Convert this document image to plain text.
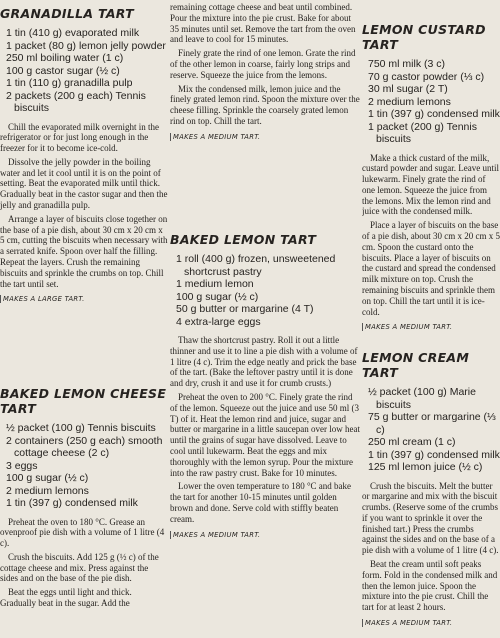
GRANADILLA TART
1 tin (410 g) evaporated milk
1 packet (80 g) lemon jelly powder
250 ml boiling water (1 c)
100 g castor sugar (½ c)
1 tin (110 g) granadilla pulp
2 packets (200 g each) Tennis biscuits

Chill the evaporated milk overnight in the refrigerator or for just long enough in the freezer for it to become ice-cold.

Dissolve the jelly powder in the boiling water and let it cool until it is on the point of setting. Beat the evaporated milk until thick. Gradually beat in the castor sugar and then the jelly and granadilla pulp.

Arrange a layer of biscuits close together on the base of a pie dish, about 30 cm x 20 cm x 5 cm, cutting the biscuits when necessary with a serrated knife. Spoon over half the filling. Repeat the layers. Crush the remaining biscuits and sprinkle the crumbs on top. Chill the tart until set.

MAKES A LARGE TART.
BAKED LEMON CHEESE TART
½ packet (100 g) Tennis biscuits
2 containers (250 g each) smooth cottage cheese (2 c)
3 eggs
100 g sugar (½ c)
2 medium lemons
1 tin (397 g) condensed milk

Preheat the oven to 180 °C. Grease an ovenproof pie dish with a volume of 1 litre (4 c).

Crush the biscuits. Add 125 g (½ c) of the cottage cheese and mix. Press against the sides and on the base of the pie dish.

Beat the eggs until light and thick. Gradually beat in the sugar. Add the

remaining cottage cheese and beat until combined. Pour the mixture into the pie crust. Bake for about 35 minutes until set. Remove the tart from the oven and leave to cool for 15 minutes.

Finely grate the rind of one lemon. Grate the rind of the other lemon in coarse, fairly long strips and reserve. Squeeze the juice from the lemons.

Mix the condensed milk, lemon juice and the finely grated lemon rind. Spoon the mixture over the cheese filling. Sprinkle the coarsely grated lemon rind on top. Chill the tart.

MAKES A MEDIUM TART.
BAKED LEMON TART
1 roll (400 g) frozen, unsweetened shortcrust pastry
1 medium lemon
100 g sugar (½ c)
50 g butter or margarine (4 T)
4 extra-large eggs

Thaw the shortcrust pastry. Roll it out a little thinner and use it to line a pie dish with a volume of 1 litre (4 c). Trim the edge neatly and prick the base of the tart. (Bake the leftover pastry until it is done and dry, crush it and use it for crumb crusts.)

Preheat the oven to 200 °C. Finely grate the rind of the lemon. Squeeze out the juice and use 50 ml (3 T) of it. Heat the lemon rind and juice, sugar and butter or margarine in a little saucepan over low heat until the grains of sugar have dissolved. Leave to cool until lukewarm. Beat the eggs and mix thoroughly with the lemon syrup. Pour the mixture into the raw pastry crust. Bake for 10 minutes.

Lower the oven temperature to 180 °C and bake the tart for another 10-15 minutes until golden brown and done. Serve cold with stiffly beaten cream.

MAKES A MEDIUM TART.
LEMON CUSTARD TART
750 ml milk (3 c)
70 g castor powder (⅓ c)
30 ml sugar (2 T)
2 medium lemons
1 tin (397 g) condensed milk
1 packet (200 g) Tennis biscuits

Make a thick custard of the milk, custard powder and sugar. Leave until lukewarm. Finely grate the rind of one lemon. Squeeze the juice from the lemons. Mix the lemon rind and juice with the condensed milk.

Place a layer of biscuits on the base of a pie dish, about 30 cm x 20 cm x 5 cm. Spoon the custard onto the biscuits. Place a layer of biscuits on the custard and spread the condensed milk mixture on top. Crush the remaining biscuits and sprinkle them on top. Chill the tart until it is ice-cold.

MAKES A MEDIUM TART.
LEMON CREAM TART
½ packet (100 g) Marie biscuits
75 g butter or margarine (⅓ c)
250 ml cream (1 c)
1 tin (397 g) condensed milk
125 ml lemon juice (½ c)

Crush the biscuits. Melt the butter or margarine and mix with the biscuit crumbs. (Reserve some of the crumbs if you want to sprinkle it over the finished tart.) Press the crumbs against the sides and on the base of a pie dish with a volume of 1 litre (4 c).

Beat the cream until soft peaks form. Fold in the condensed milk and then the lemon juice. Spoon the mixture into the pie crust. Chill the tart for at least 2 hours.

MAKES A MEDIUM TART.
